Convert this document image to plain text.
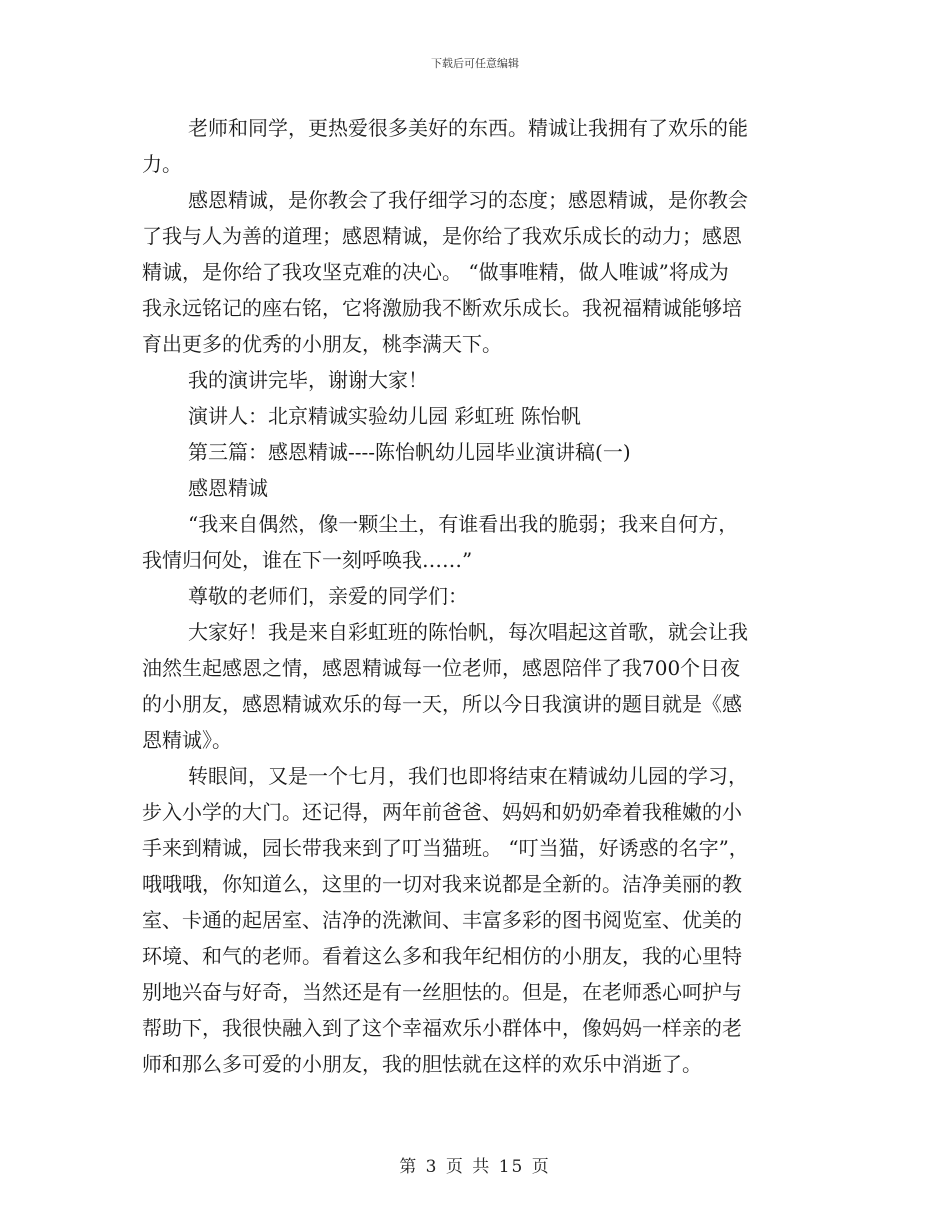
下载后可任意编辑
老师和同学，更热爱很多美好的东西。精诚让我拥有了欢乐的能
力。
感恩精诚，是你教会了我仔细学习的态度；感恩精诚，是你教会
了我与人为善的道理；感恩精诚，是你给了我欢乐成长的动力；感恩
精诚，是你给了我攻坚克难的决心。 “做事唯精，做人唯诚”将成为
我永远铭记的座右铭，它将激励我不断欢乐成长。我祝福精诚能够培
育出更多的优秀的小朋友，桃李满天下。
我的演讲完毕，谢谢大家！
演讲人：北京精诚实验幼儿园 彩虹班 陈怡帆
第三篇：感恩精诚----陈怡帆幼儿园毕业演讲稿(一)
感恩精诚
“我来自偶然，像一颗尘土，有谁看出我的脆弱；我来自何方，
我情归何处，谁在下一刻呼唤我……”
尊敬的老师们，亲爱的同学们：
大家好！我是来自彩虹班的陈怡帆，每次唱起这首歌，就会让我
油然生起感恩之情，感恩精诚每一位老师，感恩陪伴了我700个日夜
的小朋友，感恩精诚欢乐的每一天，所以今日我演讲的题目就是《感
恩精诚》。
转眼间，又是一个七月，我们也即将结束在精诚幼儿园的学习，
步入小学的大门。还记得，两年前爸爸、妈妈和奶奶牵着我稚嫩的小
手来到精诚，园长带我来到了叮当猫班。 “叮当猫，好诱惑的名字”，
哦哦哦，你知道么，这里的一切对我来说都是全新的。洁净美丽的教
室、卡通的起居室、洁净的洗漱间、丰富多彩的图书阅览室、优美的
环境、和气的老师。看着这么多和我年纪相仿的小朋友，我的心里特
别地兴奋与好奇，当然还是有一丝胆怯的。但是，在老师悉心呵护与
帮助下，我很快融入到了这个幸福欢乐小群体中，像妈妈一样亲的老
师和那么多可爱的小朋友，我的胆怯就在这样的欢乐中消逝了。
第 3 页 共 15 页
